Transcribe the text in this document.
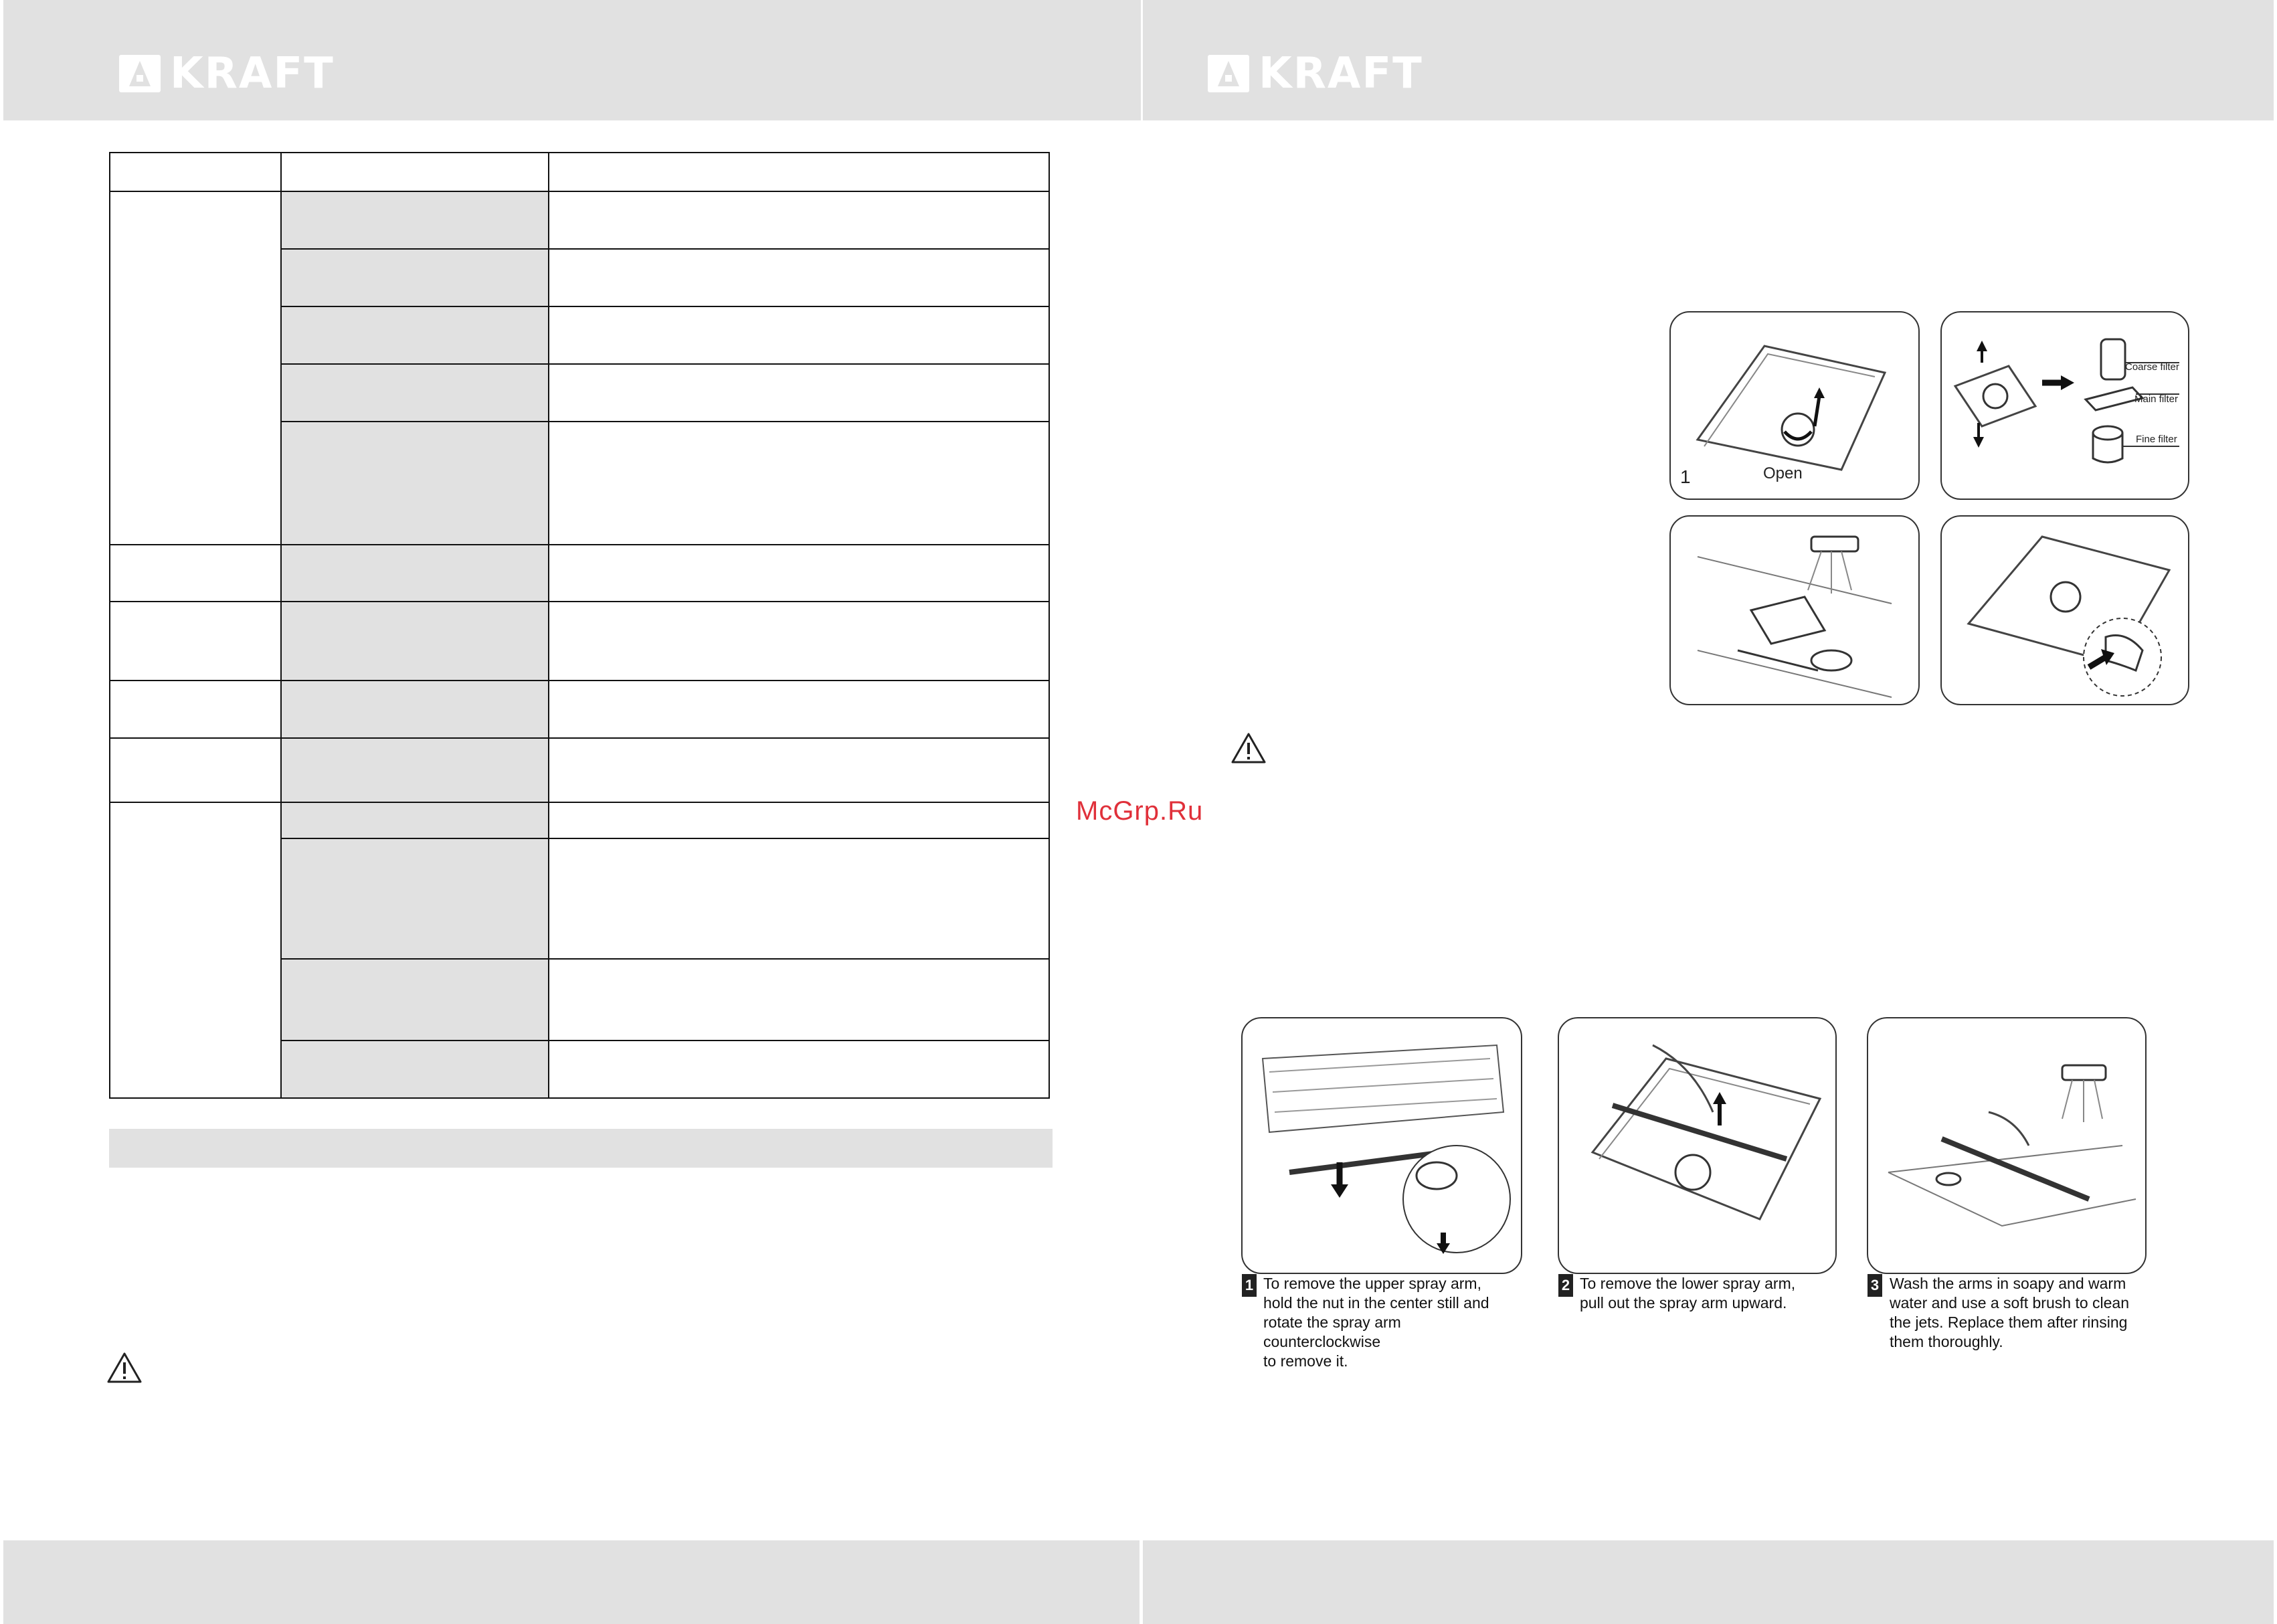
KRAFT	KRAFT

McGrp.Ru
Open
1
Coarse filter
Main filter
Fine filter
1 To remove the upper spray arm,
hold the nut in the center still and
rotate the spray arm
counterclockwise
to remove it.
2 To remove the lower spray arm,
pull out the spray arm upward.
3 Wash the arms in soapy and warm
water and use a soft brush to clean
the jets. Replace them after rinsing
them thoroughly.
